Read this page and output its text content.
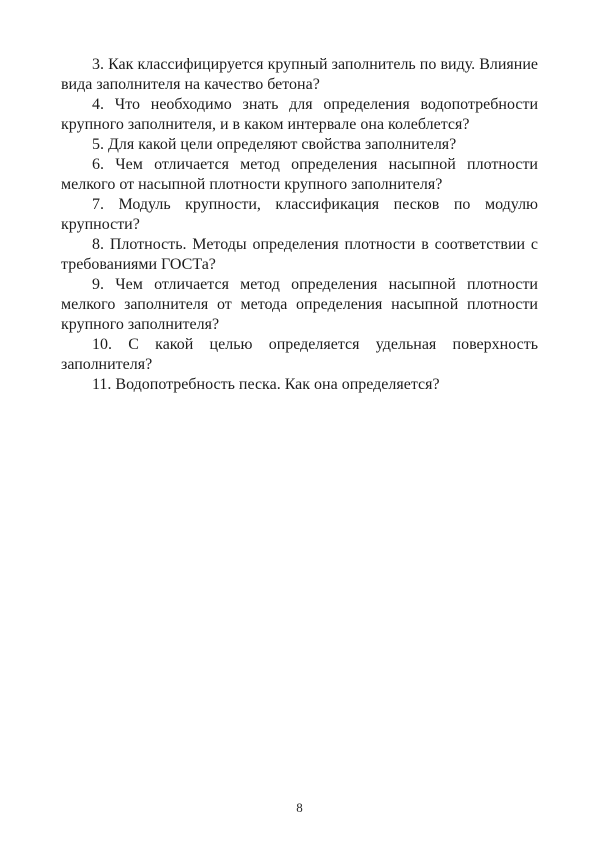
3. Как классифицируется крупный заполнитель по виду. Влияние вида заполнителя на качество бетона?

4. Что необходимо знать для определения водопотребности крупного заполнителя, и в каком интервале она колеблется?

5. Для какой цели определяют свойства заполнителя?

6. Чем отличается метод определения насыпной плотности мелкого от насыпной плотности крупного заполнителя?

7. Модуль крупности, классификация песков по модулю крупности?

8. Плотность. Методы определения плотности в соответствии с требованиями ГОСТа?

9. Чем отличается метод определения насыпной плотности мелкого заполнителя от метода определения насыпной плотности крупного заполнителя?

10. С какой целью определяется удельная поверхность заполнителя?

11. Водопотребность песка. Как она определяется?

8
